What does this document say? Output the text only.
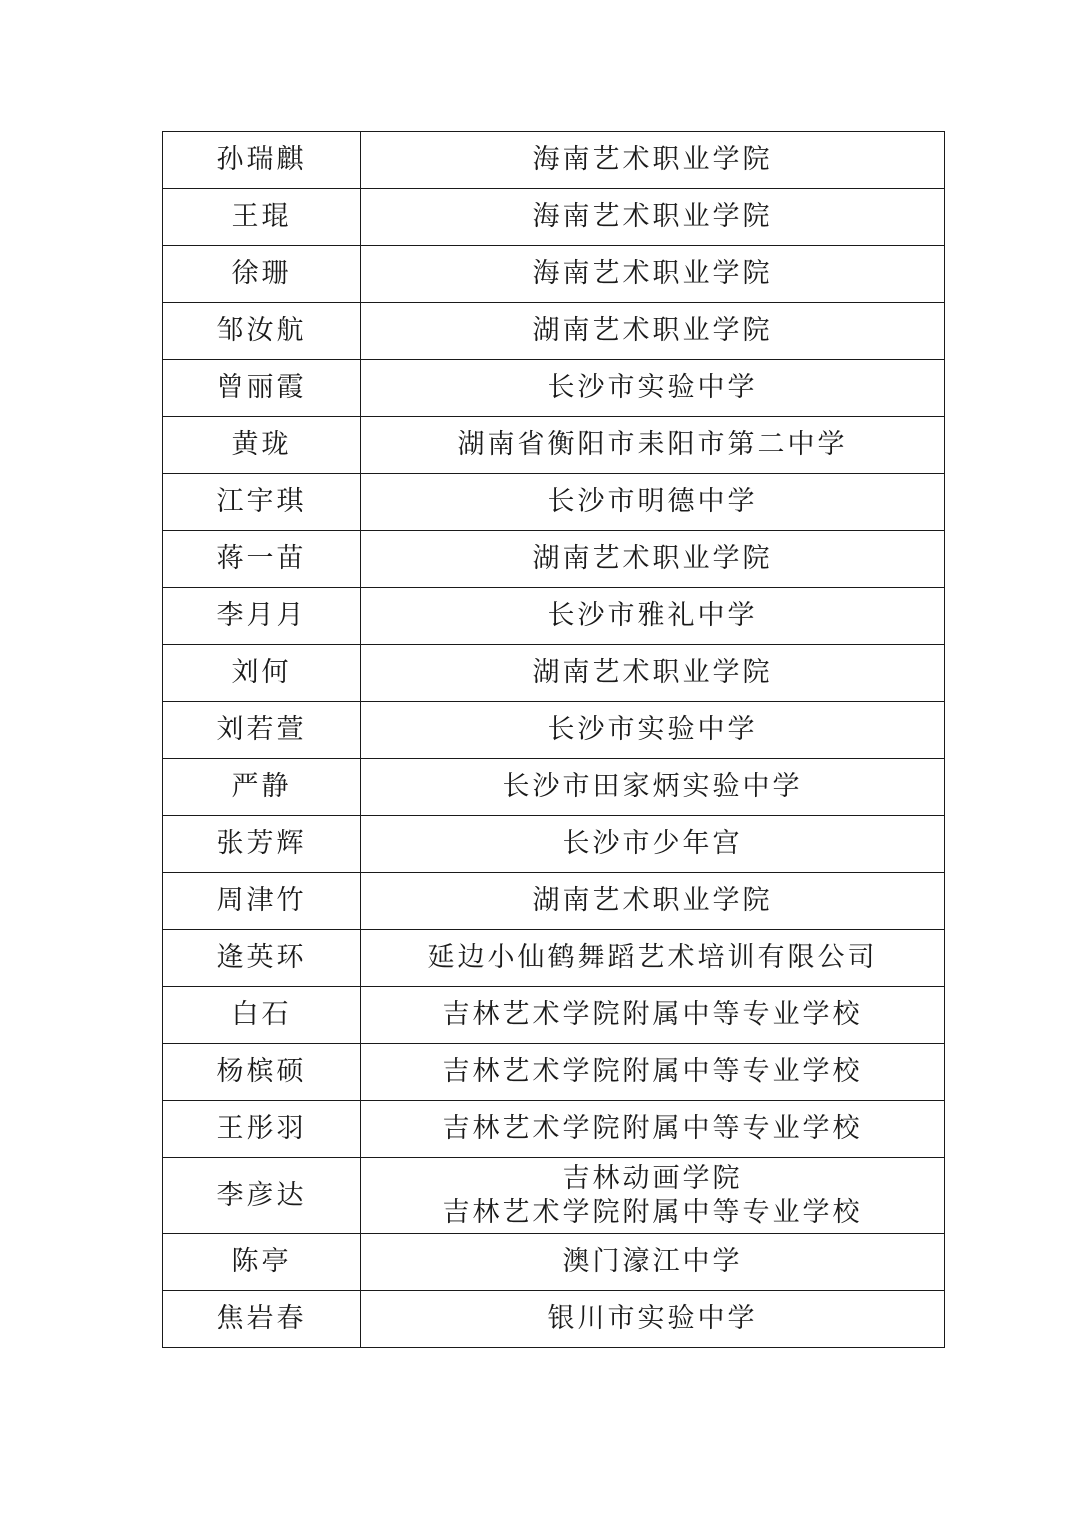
孙瑞麒	海南艺术职业学院

王琨	海南艺术职业学院

徐珊	海南艺术职业学院

邹汝航	湖南艺术职业学院

曾丽霞	长沙市实验中学

黄珑	湖南省衡阳市耒阳市第二中学

江宇琪	长沙市明德中学

蒋一苗	湖南艺术职业学院

李月月	长沙市雅礼中学

刘何	湖南艺术职业学院

刘若萱	长沙市实验中学

严静	长沙市田家炳实验中学

张芳辉	长沙市少年宫

周津竹	湖南艺术职业学院

逄英环	延边小仙鹤舞蹈艺术培训有限公司

白石	吉林艺术学院附属中等专业学校

杨槟硕	吉林艺术学院附属中等专业学校

王彤羽	吉林艺术学院附属中等专业学校

李彦达	吉林动画学院
吉林艺术学院附属中等专业学校

陈亭	澳门濠江中学

焦岩春	银川市实验中学
